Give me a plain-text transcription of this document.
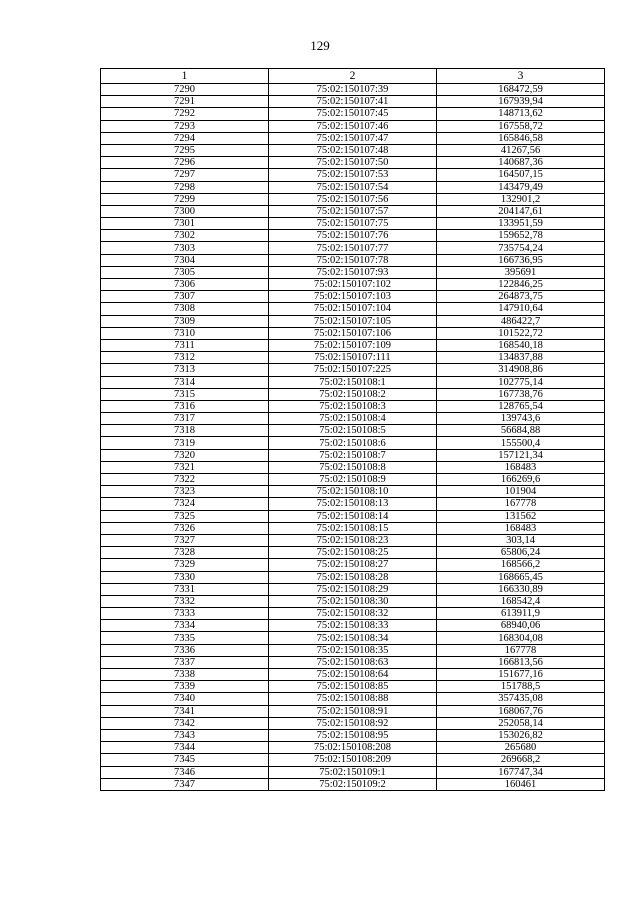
129
1	2	3
7290	75:02:150107:39	168472,59
7291	75:02:150107:41	167939,94
7292	75:02:150107:45	148713,62
7293	75:02:150107:46	167558,72
7294	75:02:150107:47	165846,58
7295	75:02:150107:48	41267,56
7296	75:02:150107:50	140687,36
7297	75:02:150107:53	164507,15
7298	75:02:150107:54	143479,49
7299	75:02:150107:56	132901,2
7300	75:02:150107:57	204147,61
7301	75:02:150107:75	133951,59
7302	75:02:150107:76	159652,78
7303	75:02:150107:77	735754,24
7304	75:02:150107:78	166736,95
7305	75:02:150107:93	395691
7306	75:02:150107:102	122846,25
7307	75:02:150107:103	264873,75
7308	75:02:150107:104	147910,64
7309	75:02:150107:105	486422,7
7310	75:02:150107:106	101522,72
7311	75:02:150107:109	168540,18
7312	75:02:150107:111	134837,88
7313	75:02:150107:225	314908,86
7314	75:02:150108:1	102775,14
7315	75:02:150108:2	167738,76
7316	75:02:150108:3	128765,54
7317	75:02:150108:4	139743,6
7318	75:02:150108:5	56684,88
7319	75:02:150108:6	155500,4
7320	75:02:150108:7	157121,34
7321	75:02:150108:8	168483
7322	75:02:150108:9	166269,6
7323	75:02:150108:10	101904
7324	75:02:150108:13	167778
7325	75:02:150108:14	131562
7326	75:02:150108:15	168483
7327	75:02:150108:23	303,14
7328	75:02:150108:25	65806,24
7329	75:02:150108:27	168566,2
7330	75:02:150108:28	168665,45
7331	75:02:150108:29	166330,89
7332	75:02:150108:30	168542,4
7333	75:02:150108:32	613911,9
7334	75:02:150108:33	68940,06
7335	75:02:150108:34	168304,08
7336	75:02:150108:35	167778
7337	75:02:150108:63	166813,56
7338	75:02:150108:64	151677,16
7339	75:02:150108:85	151788,5
7340	75:02:150108:88	357435,08
7341	75:02:150108:91	168067,76
7342	75:02:150108:92	252058,14
7343	75:02:150108:95	153026,82
7344	75:02:150108:208	265680
7345	75:02:150108:209	269668,2
7346	75:02:150109:1	167747,34
7347	75:02:150109:2	160461
